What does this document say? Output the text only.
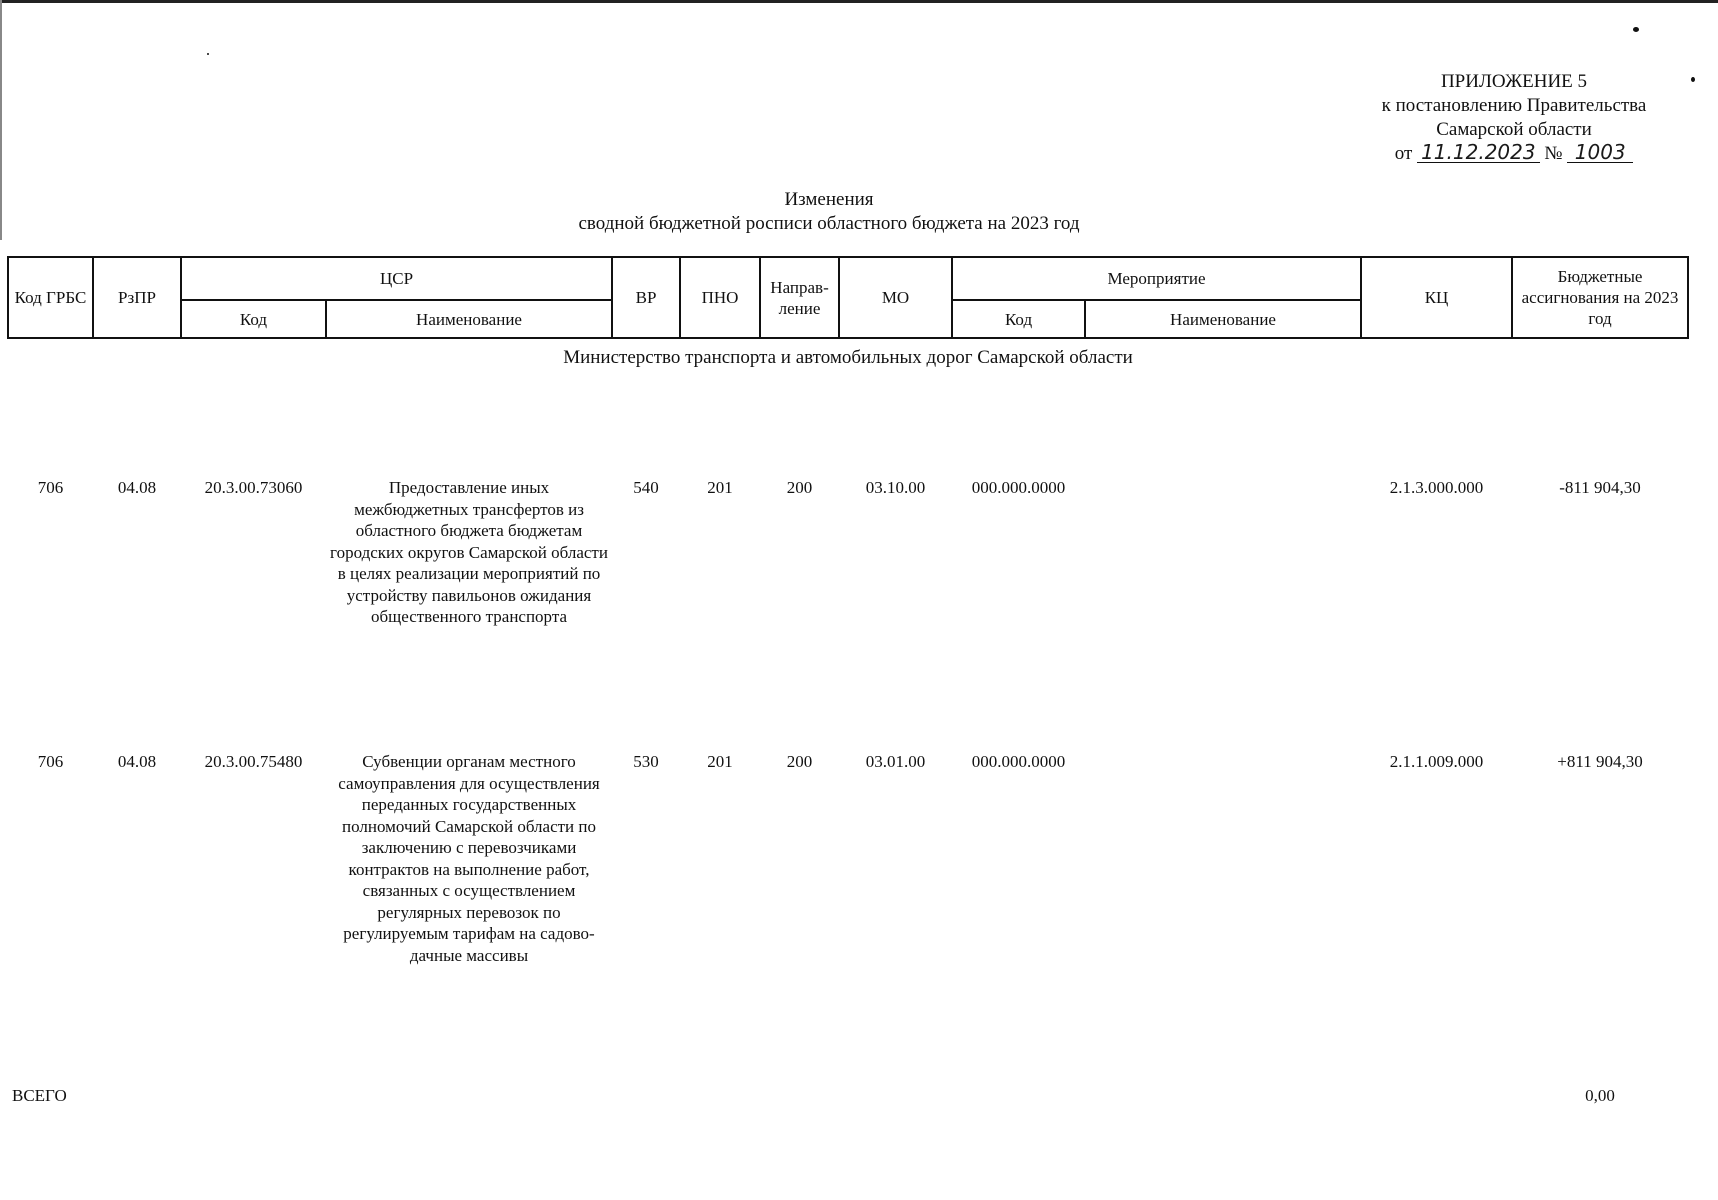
ПРИЛОЖЕНИЕ 5
к постановлению Правительства
Самарской области
от 11.12.2023 № 1003
Изменения
сводной бюджетной росписи областного бюджета на 2023 год
Код ГРБС	РзПР	ЦСР		ВР	ПНО	Направ-ление	МО	Мероприятие		КЦ	Бюджетные ассигнования на 2023 год
		Код	Наименование					Код	Наименование		
Министерство транспорта и автомобильных дорог Самарской области											
706	04.08	20.3.00.73060	Предоставление иных межбюджетных трансфертов из областного бюджета бюджетам городских округов Самарской области в целях реализации мероприятий по устройству павильонов ожидания общественного транспорта	540	201	200	03.10.00	000.000.0000		2.1.3.000.000	-811 904,30
706	04.08	20.3.00.75480	Субвенции органам местного самоуправления для осуществления переданных государственных полномочий Самарской области по заключению с перевозчиками контрактов на выполнение работ, связанных с осуществлением регулярных перевозок по регулируемым тарифам на садово-дачные массивы	530	201	200	03.01.00	000.000.0000		2.1.1.009.000	+811 904,30
ВСЕГО											0,00
